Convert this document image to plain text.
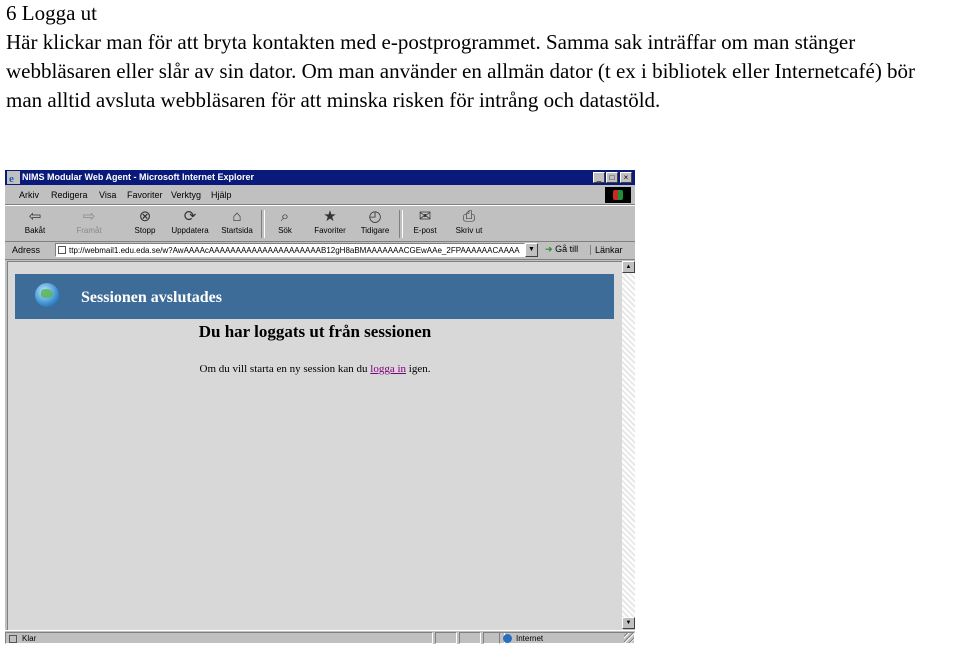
6 Logga ut
Här klickar man för att bryta kontakten med e-postprogrammet. Samma sak inträffar om man stänger webbläsaren eller slår av sin dator. Om man använder en allmän dator (t ex i bibliotek eller Internetcafé) bör man alltid avsluta webbläsaren för att minska risken för intrång och datastöld.
e NIMS Modular Web Agent - Microsoft Internet Explorer	_	□	×
Arkiv Redigera Visa Favoriter Verktyg Hjälp
⇦
Bakåt
⇨
Framåt
⊗
Stopp
⟳
Uppdatera
⌂
Startsida
⌕
Sök
★
Favoriter
◴
Tidigare
✉
E-post
⎙
Skriv ut
Adress	ttp://webmail1.edu.eda.se/w?AwAAAAcAAAAAAAAAAAAAAAAAAAAAB12gH8aBMAAAAAAACGEwAAe_2FPAAAAAACAAAA	▼	➜ Gå till	Länkar
Sessionen avslutades
Du har loggats ut från sessionen
Om du vill starta en ny session kan du logga in igen.
▲
▼
Klar	Internet
